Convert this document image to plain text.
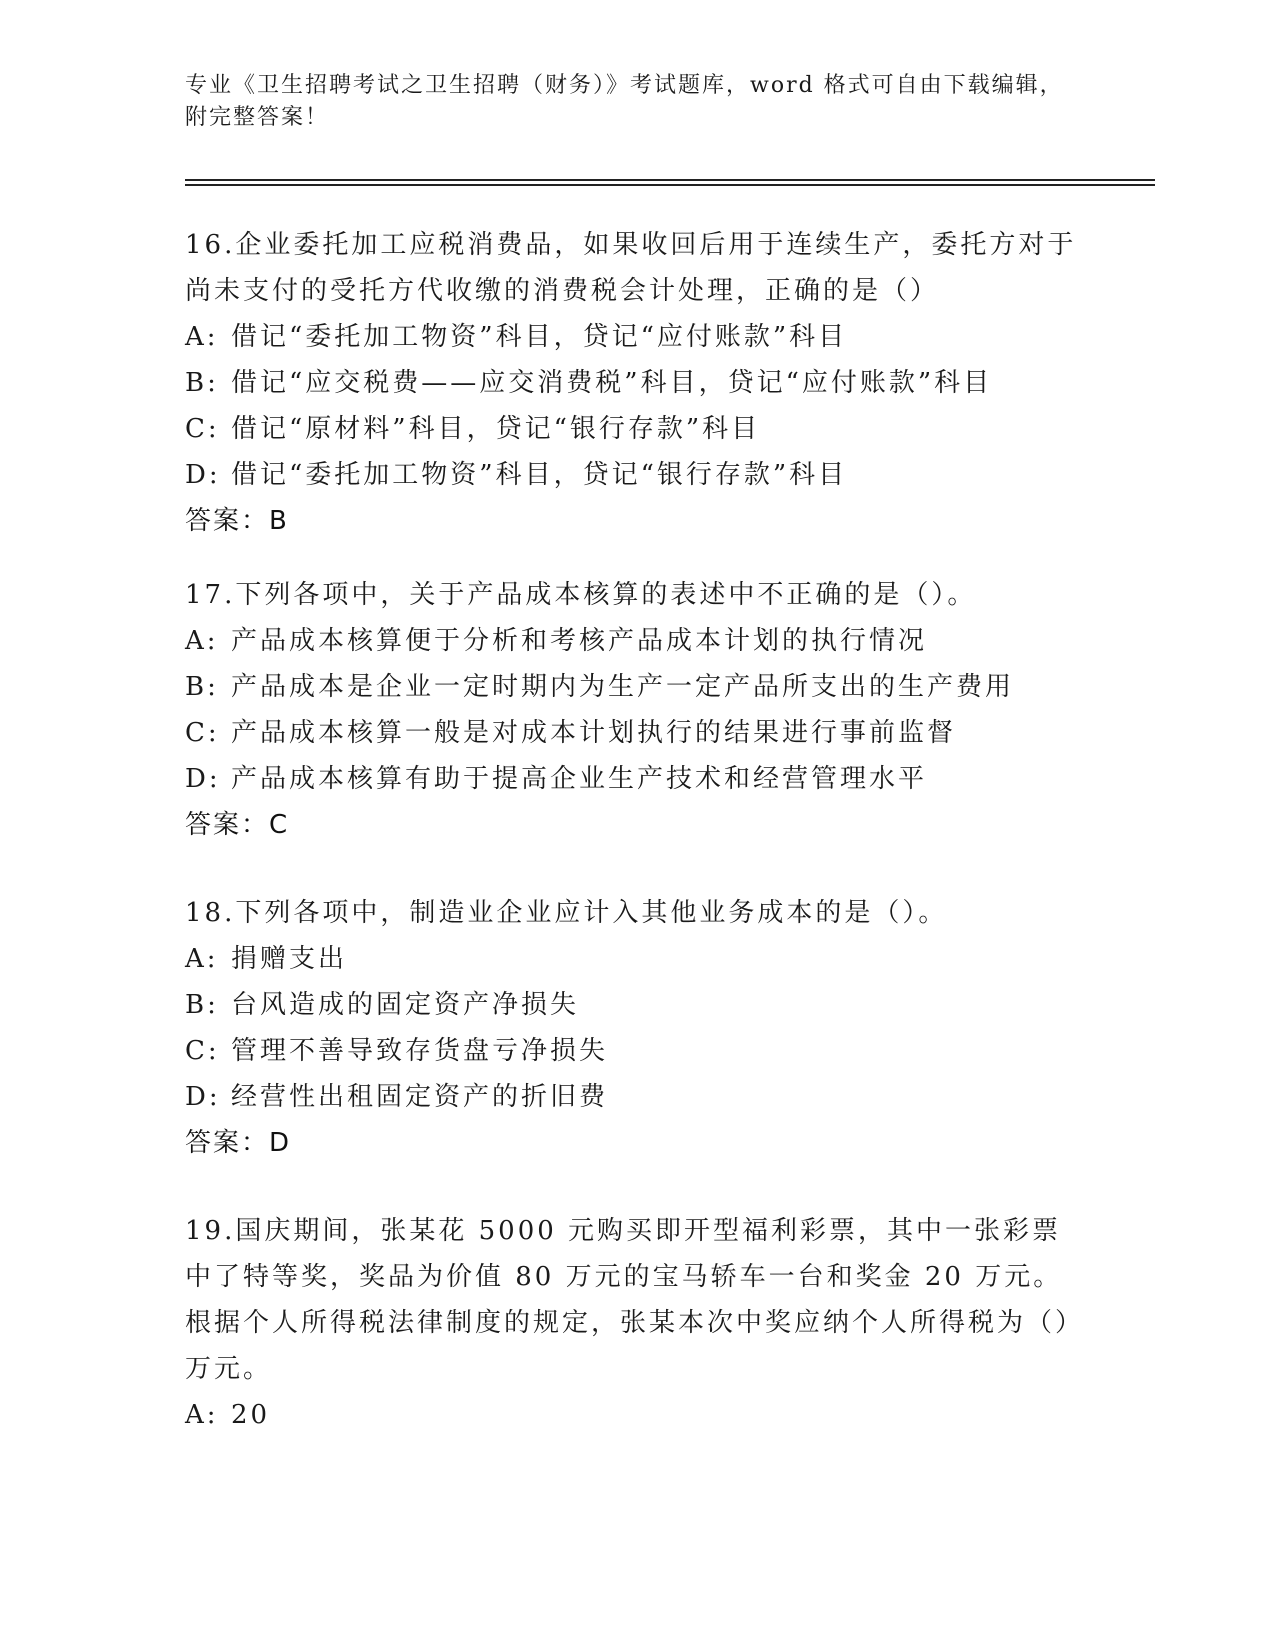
专业《卫生招聘考试之卫生招聘（财务）》考试题库，word 格式可自由下载编辑，附完整答案！

16.企业委托加工应税消费品，如果收回后用于连续生产，委托方对于尚未支付的受托方代收缴的消费税会计处理，正确的是（）

A: 借记“委托加工物资”科目，贷记“应付账款”科目

B: 借记“应交税费——应交消费税”科目，贷记“应付账款”科目

C: 借记“原材料”科目，贷记“银行存款”科目

D: 借记“委托加工物资”科目，贷记“银行存款”科目

答案：B

17.下列各项中，关于产品成本核算的表述中不正确的是（）。

A: 产品成本核算便于分析和考核产品成本计划的执行情况

B: 产品成本是企业一定时期内为生产一定产品所支出的生产费用

C: 产品成本核算一般是对成本计划执行的结果进行事前监督

D: 产品成本核算有助于提高企业生产技术和经营管理水平

答案：C

18.下列各项中，制造业企业应计入其他业务成本的是（）。

A: 捐赠支出

B: 台风造成的固定资产净损失

C: 管理不善导致存货盘亏净损失

D: 经营性出租固定资产的折旧费

答案：D

19.国庆期间，张某花 5000 元购买即开型福利彩票，其中一张彩票中了特等奖，奖品为价值 80 万元的宝马轿车一台和奖金 20 万元。根据个人所得税法律制度的规定，张某本次中奖应纳个人所得税为（）万元。

A: 20
